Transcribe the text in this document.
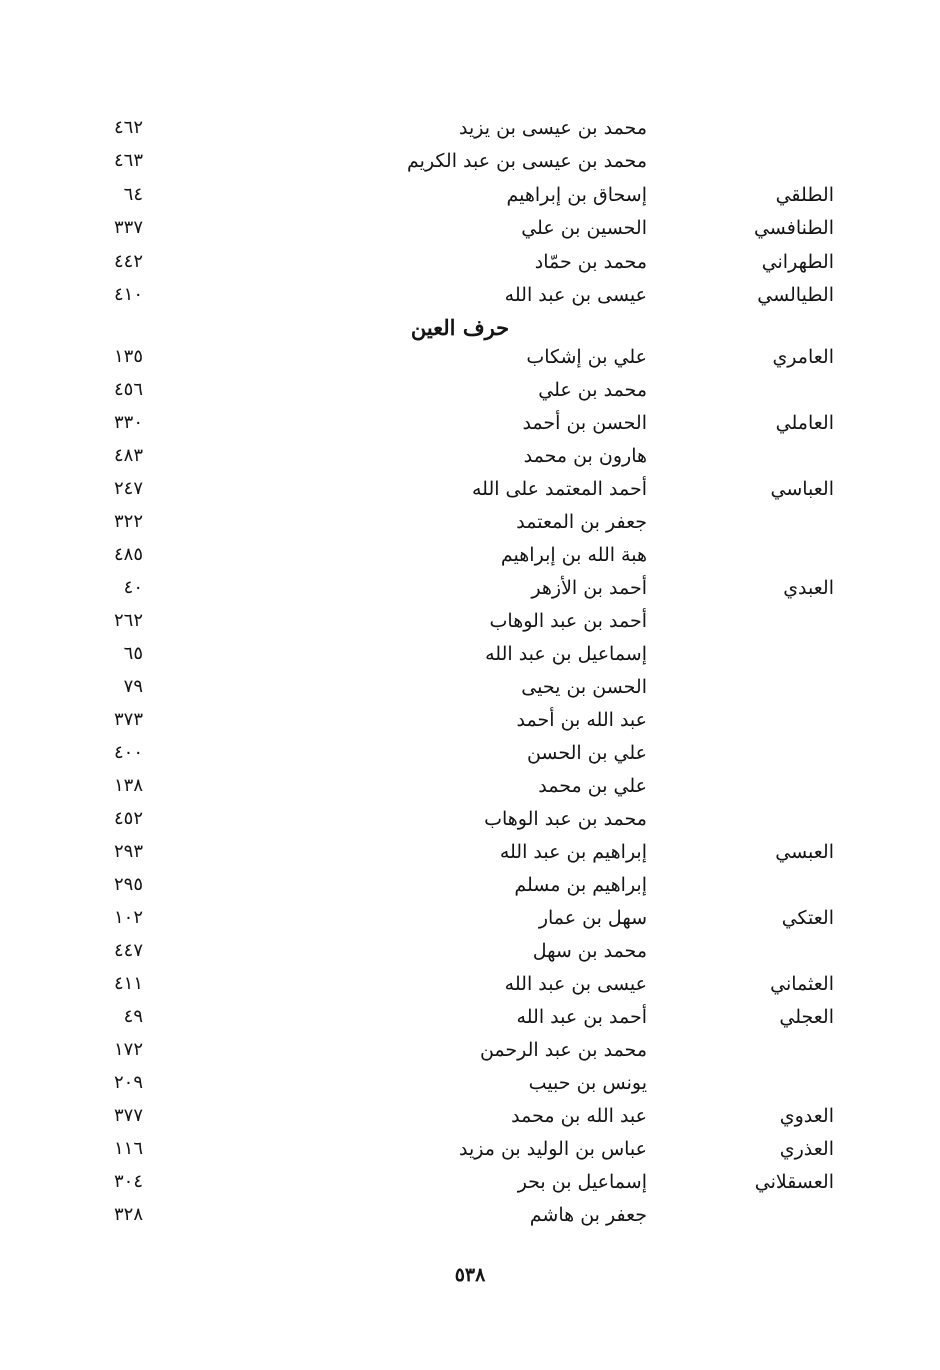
محمد بن عيسى بن يزيد
٤٦٢
محمد بن عيسى بن عبد الكريم
٤٦٣
الطلقي
إسحاق بن إبراهيم
٦٤
الطنافسي
الحسين بن علي
٣٣٧
الطهراني
محمد بن حمّاد
٤٤٢
الطيالسي
عيسى بن عبد الله
٤١٠
حرف العين
العامري
علي بن إشكاب
١٣٥
محمد بن علي
٤٥٦
العاملي
الحسن بن أحمد
٣٣٠
هارون بن محمد
٤٨٣
العباسي
أحمد المعتمد على الله
٢٤٧
جعفر بن المعتمد
٣٢٢
هبة الله بن إبراهيم
٤٨٥
العبدي
أحمد بن الأزهر
٤٠
أحمد بن عبد الوهاب
٢٦٢
إسماعيل بن عبد الله
٦٥
الحسن بن يحيى
٧٩
عبد الله بن أحمد
٣٧٣
علي بن الحسن
٤٠٠
علي بن محمد
١٣٨
محمد بن عبد الوهاب
٤٥٢
العبسي
إبراهيم بن عبد الله
٢٩٣
إبراهيم بن مسلم
٢٩٥
العتكي
سهل بن عمار
١٠٢
محمد بن سهل
٤٤٧
العثماني
عيسى بن عبد الله
٤١١
العجلي
أحمد بن عبد الله
٤٩
محمد بن عبد الرحمن
١٧٢
يونس بن حبيب
٢٠٩
العدوي
عبد الله بن محمد
٣٧٧
العذري
عباس بن الوليد بن مزيد
١١٦
العسقلاني
إسماعيل بن بحر
٣٠٤
جعفر بن هاشم
٣٢٨
٥٣٨
